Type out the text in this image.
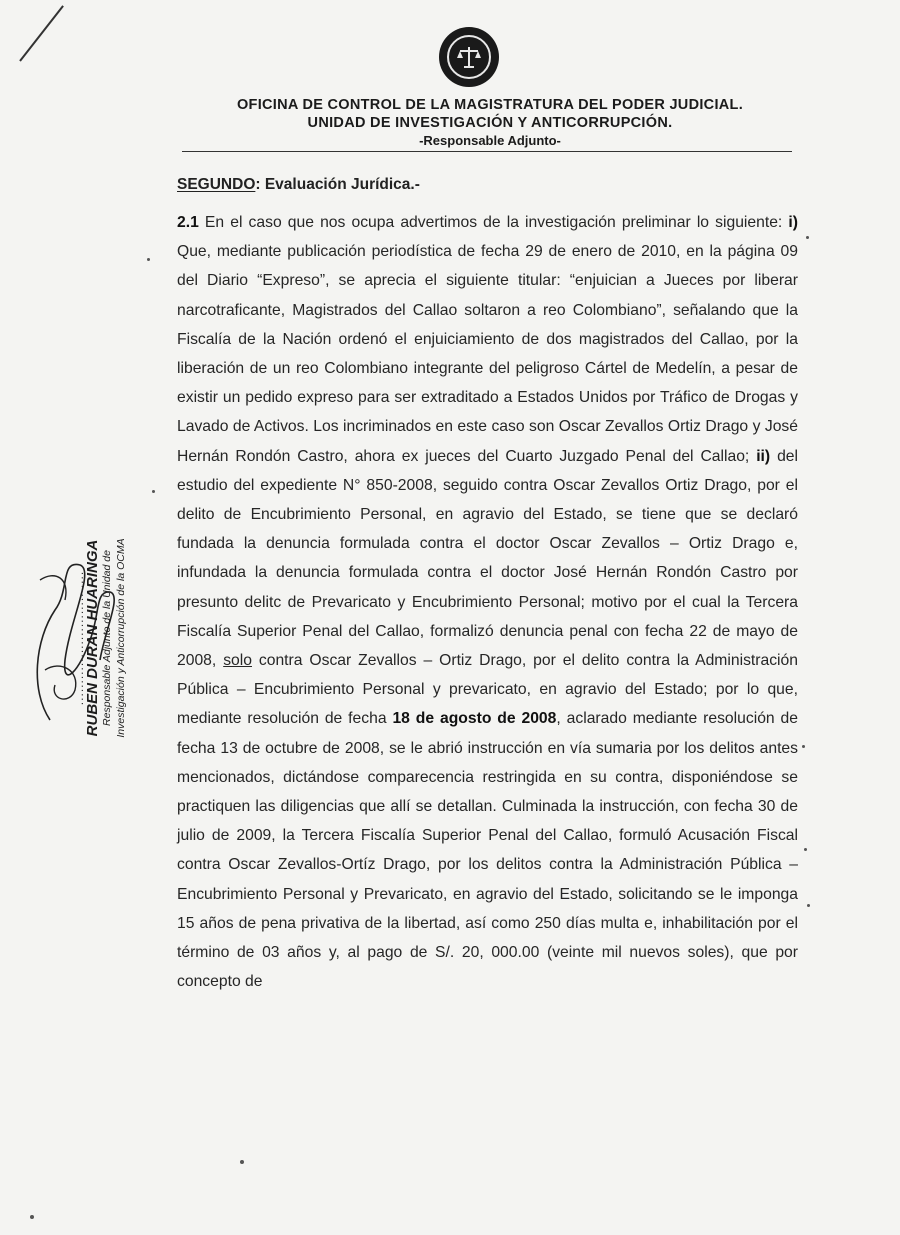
OFICINA DE CONTROL DE LA MAGISTRATURA DEL PODER JUDICIAL.
UNIDAD DE INVESTIGACIÓN Y ANTICORRUPCIÓN.
-Responsable Adjunto-
SEGUNDO: Evaluación Jurídica.-
2.1 En el caso que nos ocupa advertimos de la investigación preliminar lo siguiente: i) Que, mediante publicación periodística de fecha 29 de enero de 2010, en la página 09 del Diario “Expreso”, se aprecia el siguiente titular: “enjuician a Jueces por liberar narcotraficante, Magistrados del Callao soltaron a reo Colombiano”, señalando que la Fiscalía de la Nación ordenó el enjuiciamiento de dos magistrados del Callao, por la liberación de un reo Colombiano integrante del peligroso Cártel de Medelín, a pesar de existir un pedido expreso para ser extraditado a Estados Unidos por Tráfico de Drogas y Lavado de Activos. Los incriminados en este caso son Oscar Zevallos Ortiz Drago y José Hernán Rondón Castro, ahora ex jueces del Cuarto Juzgado Penal del Callao; ii) del estudio del expediente N° 850-2008, seguido contra Oscar Zevallos Ortiz Drago, por el delito de Encubrimiento Personal, en agravio del Estado, se tiene que se declaró fundada la denuncia formulada contra el doctor Oscar Zevallos – Ortiz Drago e, infundada la denuncia formulada contra el doctor José Hernán Rondón Castro por presunto delitc de Prevaricato y Encubrimiento Personal; motivo por el cual la Tercera Fiscalía Superior Penal del Callao, formalizó denuncia penal con fecha 22 de mayo de 2008, solo contra Oscar Zevallos – Ortiz Drago, por el delito contra la Administración Pública – Encubrimiento Personal y prevaricato, en agravio del Estado; por lo que, mediante resolución de fecha 18 de agosto de 2008, aclarado mediante resolución de fecha 13 de octubre de 2008, se le abrió instrucción en vía sumaria por los delitos antes mencionados, dictándose comparecencia restringida en su contra, disponiéndose se practiquen las diligencias que allí se detallan. Culminada la instrucción, con fecha 30 de julio de 2009, la Tercera Fiscalía Superior Penal del Callao, formuló Acusación Fiscal contra Oscar Zevallos-Ortíz Drago, por los delitos contra la Administración Pública – Encubrimiento Personal y Prevaricato, en agravio del Estado, solicitando se le imponga 15 años de pena privativa de la libertad, así como 250 días multa e, inhabilitación por el término de 03 años y, al pago de S/. 20, 000.00 (veinte mil nuevos soles), que por concepto de
...............................
RUBEN DURAN HUARINGA Responsable Adjunto de la Unidad de Investigación y Anticorrupción de la OCMA
